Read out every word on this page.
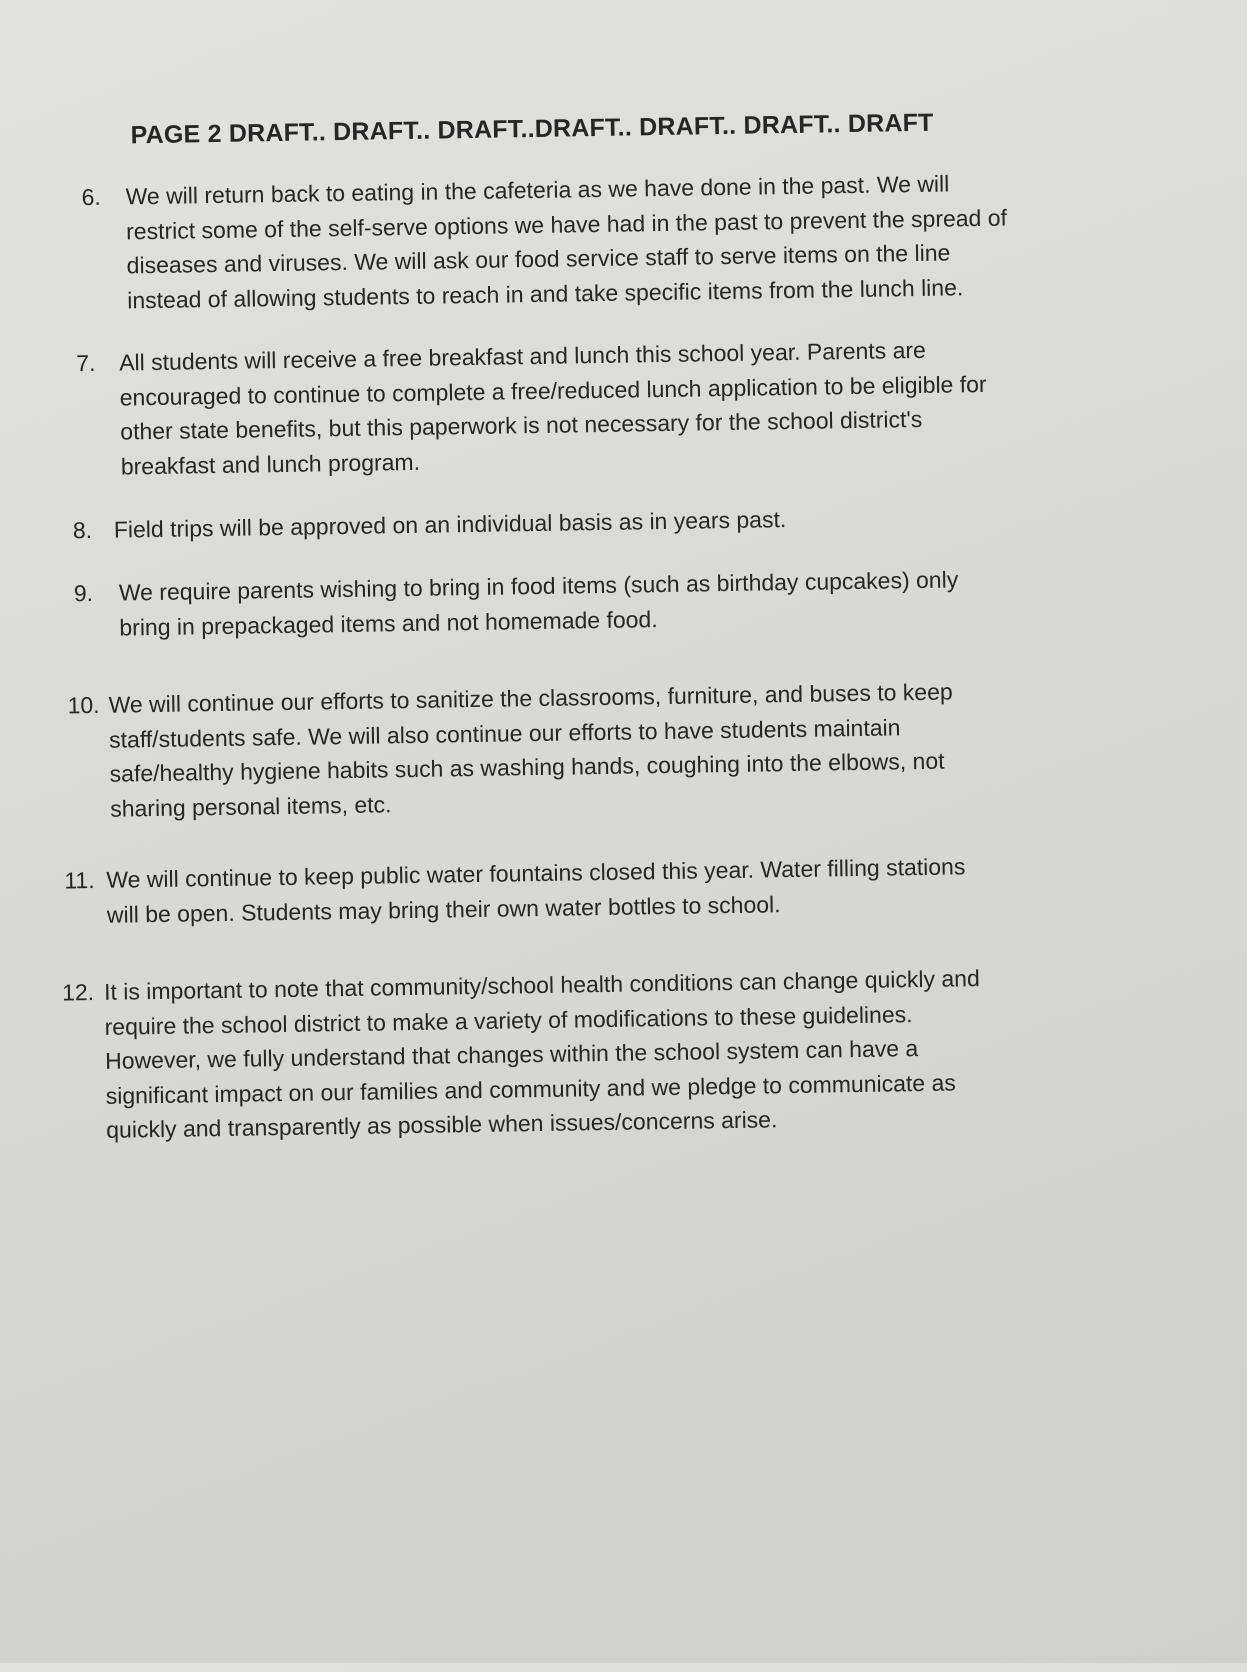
PAGE 2 DRAFT.. DRAFT.. DRAFT..DRAFT.. DRAFT.. DRAFT.. DRAFT
6. We will return back to eating in the cafeteria as we have done in the past. We will
restrict some of the self-serve options we have had in the past to prevent the spread of
diseases and viruses. We will ask our food service staff to serve items on the line
instead of allowing students to reach in and take specific items from the lunch line.
7. All students will receive a free breakfast and lunch this school year. Parents are
encouraged to continue to complete a free/reduced lunch application to be eligible for
other state benefits, but this paperwork is not necessary for the school district's
breakfast and lunch program.
8. Field trips will be approved on an individual basis as in years past.
9. We require parents wishing to bring in food items (such as birthday cupcakes) only
bring in prepackaged items and not homemade food.
10. We will continue our efforts to sanitize the classrooms, furniture, and buses to keep
staff/students safe. We will also continue our efforts to have students maintain
safe/healthy hygiene habits such as washing hands, coughing into the elbows, not
sharing personal items, etc.
11. We will continue to keep public water fountains closed this year. Water filling stations
will be open. Students may bring their own water bottles to school.
12. It is important to note that community/school health conditions can change quickly and
require the school district to make a variety of modifications to these guidelines.
However, we fully understand that changes within the school system can have a
significant impact on our families and community and we pledge to communicate as
quickly and transparently as possible when issues/concerns arise.
